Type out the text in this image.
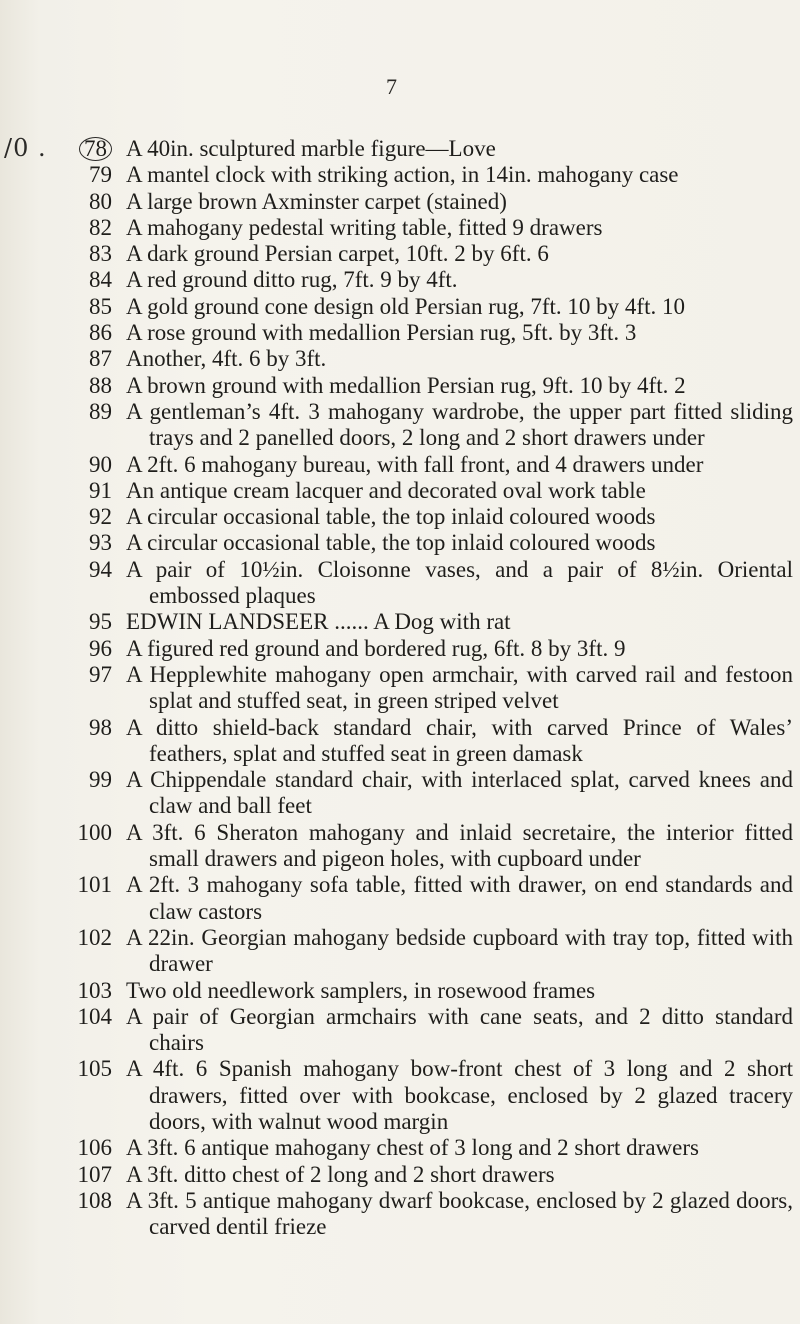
7
/0 .	78 A 40in. sculptured marble figure—Love
79 A mantel clock with striking action, in 14in. mahogany case
80 A large brown Axminster carpet (stained)
82 A mahogany pedestal writing table, fitted 9 drawers
83 A dark ground Persian carpet, 10ft. 2 by 6ft. 6
84 A red ground ditto rug, 7ft. 9 by 4ft.
85 A gold ground cone design old Persian rug, 7ft. 10 by 4ft. 10
86 A rose ground with medallion Persian rug, 5ft. by 3ft. 3
87 Another, 4ft. 6 by 3ft.
88 A brown ground with medallion Persian rug, 9ft. 10 by 4ft. 2
89 A gentleman’s 4ft. 3 mahogany wardrobe, the upper part fitted sliding trays and 2 panelled doors, 2 long and 2 short drawers under
90 A 2ft. 6 mahogany bureau, with fall front, and 4 drawers under
91 An antique cream lacquer and decorated oval work table
92 A circular occasional table, the top inlaid coloured woods
93 A circular occasional table, the top inlaid coloured woods
94 A pair of 10½in. Cloisonne vases, and a pair of 8½in. Oriental embossed plaques
95 EDWIN LANDSEER ...... A Dog with rat
96 A figured red ground and bordered rug, 6ft. 8 by 3ft. 9
97 A Hepplewhite mahogany open armchair, with carved rail and festoon splat and stuffed seat, in green striped velvet
98 A ditto shield-back standard chair, with carved Prince of Wales’ feathers, splat and stuffed seat in green damask
99 A Chippendale standard chair, with interlaced splat, carved knees and claw and ball feet
100 A 3ft. 6 Sheraton mahogany and inlaid secretaire, the interior fitted small drawers and pigeon holes, with cupboard under
101 A 2ft. 3 mahogany sofa table, fitted with drawer, on end standards and claw castors
102 A 22in. Georgian mahogany bedside cupboard with tray top, fitted with drawer
103 Two old needlework samplers, in rosewood frames
104 A pair of Georgian armchairs with cane seats, and 2 ditto standard chairs
105 A 4ft. 6 Spanish mahogany bow-front chest of 3 long and 2 short drawers, fitted over with bookcase, enclosed by 2 glazed tracery doors, with walnut wood margin
106 A 3ft. 6 antique mahogany chest of 3 long and 2 short drawers
107 A 3ft. ditto chest of 2 long and 2 short drawers
108 A 3ft. 5 antique mahogany dwarf bookcase, enclosed by 2 glazed doors, carved dentil frieze
